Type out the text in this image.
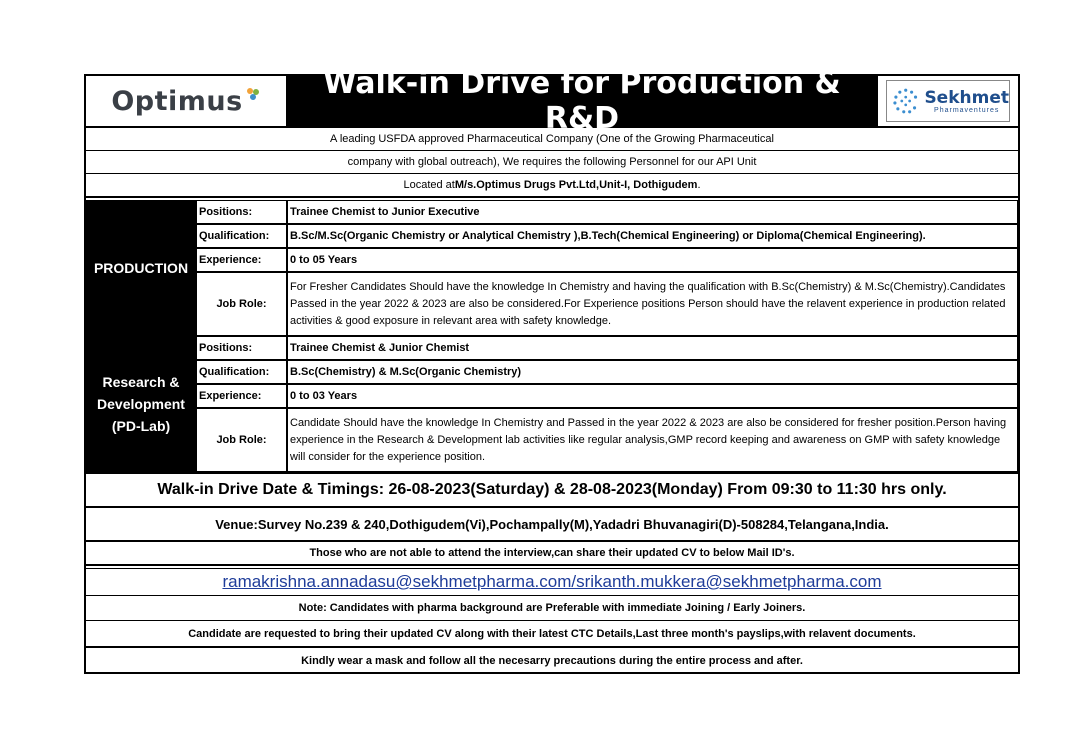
Optimus	Walk-in Drive for Production & R&D
Sekhmet
Pharmaventures
A leading USFDA approved Pharmaceutical Company (One of the Growing Pharmaceutical
company with global outreach), We requires the following Personnel for our API Unit
Located at M/s.Optimus Drugs Pvt.Ltd,Unit-I, Dothigudem .
PRODUCTION
Positions:	Trainee Chemist to Junior Executive
Qualification:	B.Sc/M.Sc(Organic Chemistry or Analytical Chemistry ),B.Tech(Chemical Engineering) or Diploma(Chemical Engineering).
Experience:	0 to 05 Years
Job Role:
For Fresher Candidates Should have the knowledge In Chemistry and having the qualification with B.Sc(Chemistry) & M.Sc(Chemistry).Candidates Passed in the year 2022 & 2023 are also be considered.For Experience positions Person should have the relavent experience in production related activities & good exposure in relevant area with safety knowledge.
Research & Development (PD-Lab)
Positions:	Trainee Chemist & Junior Chemist
Qualification:	B.Sc(Chemistry) & M.Sc(Organic Chemistry)
Experience:	0 to 03 Years
Job Role:
Candidate Should have the knowledge In Chemistry and Passed in the year 2022 & 2023 are also be considered for fresher position.Person having experience in the Research & Development lab activities like regular analysis,GMP record keeping and awareness on GMP with safety knowledge will consider for the experience position.
Walk-in Drive Date & Timings: 26-08-2023(Saturday) & 28-08-2023(Monday) From 09:30 to 11:30 hrs only.
Venue:Survey No.239 & 240,Dothigudem(Vi),Pochampally(M),Yadadri Bhuvanagiri(D)-508284,Telangana,India.
Those who are not able to attend the interview,can share their updated CV to below Mail ID's.
ramakrishna.annadasu@sekhmetpharma.com/srikanth.mukkera@sekhmetpharma.com
Note: Candidates with pharma background are Preferable with immediate Joining / Early Joiners.
Candidate are requested to bring their updated CV along with their latest CTC Details,Last three month's payslips,with relavent documents.
Kindly wear a mask and follow all the necesarry precautions during the entire process and after.
